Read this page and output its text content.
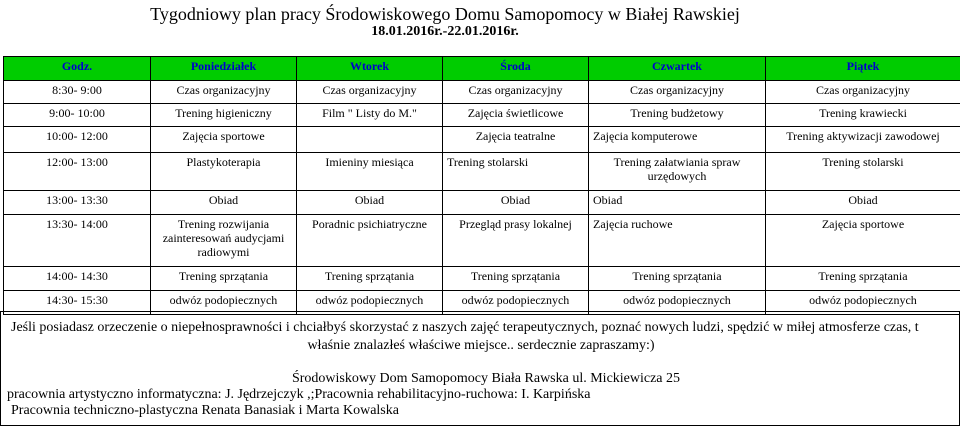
Tygodniowy plan pracy Środowiskowego Domu Samopomocy w Białej Rawskiej
18.01.2016r.-22.01.2016r.
Godz.	Poniedziałek	Wtorek	Środa	Czwartek	Piątek
8:30- 9:00	Czas organizacyjny	Czas organizacyjny	Czas organizacyjny	Czas organizacyjny	Czas organizacyjny
9:00- 10:00	Trening higieniczny	Film " Listy do M."	Zajęcia świetlicowe	Trening budżetowy	Trening krawiecki
10:00- 12:00	Zajęcia sportowe		Zajęcia teatralne	Zajęcia komputerowe	Trening aktywizacji zawodowej
12:00- 13:00	Plastykoterapia	Imieniny miesiąca	Trening stolarski	Trening załatwiania spraw urzędowych	Trening stolarski
13:00- 13:30	Obiad	Obiad	Obiad	Obiad	Obiad
13:30- 14:00	Trening rozwijania zainteresowań audycjami radiowymi	Poradnic psichiatryczne	Przegląd prasy lokalnej	Zajęcia ruchowe	Zajęcia sportowe
14:00- 14:30	Trening sprzątania	Trening sprzątania	Trening sprzątania	Trening sprzątania	Trening sprzątania
14:30- 15:30	odwóz podopiecznych	odwóz podopiecznych	odwóz podopiecznych	odwóz podopiecznych	odwóz podopiecznych
Jeśli posiadasz orzeczenie o niepełnosprawności i chciałbyś skorzystać z naszych zajęć terapeutycznych, poznać nowych ludzi, spędzić w miłej atmosferze czas, t
właśnie znalazłeś właściwe miejsce.. serdecznie zapraszamy:)
Środowiskowy Dom Samopomocy Biała Rawska ul. Mickiewicza 25
pracownia artystyczno informatyczna: J. Jędrzejczyk ,;Pracownia rehabilitacyjno-ruchowa: I. Karpińska
Pracownia techniczno-plastyczna Renata Banasiak i Marta Kowalska
